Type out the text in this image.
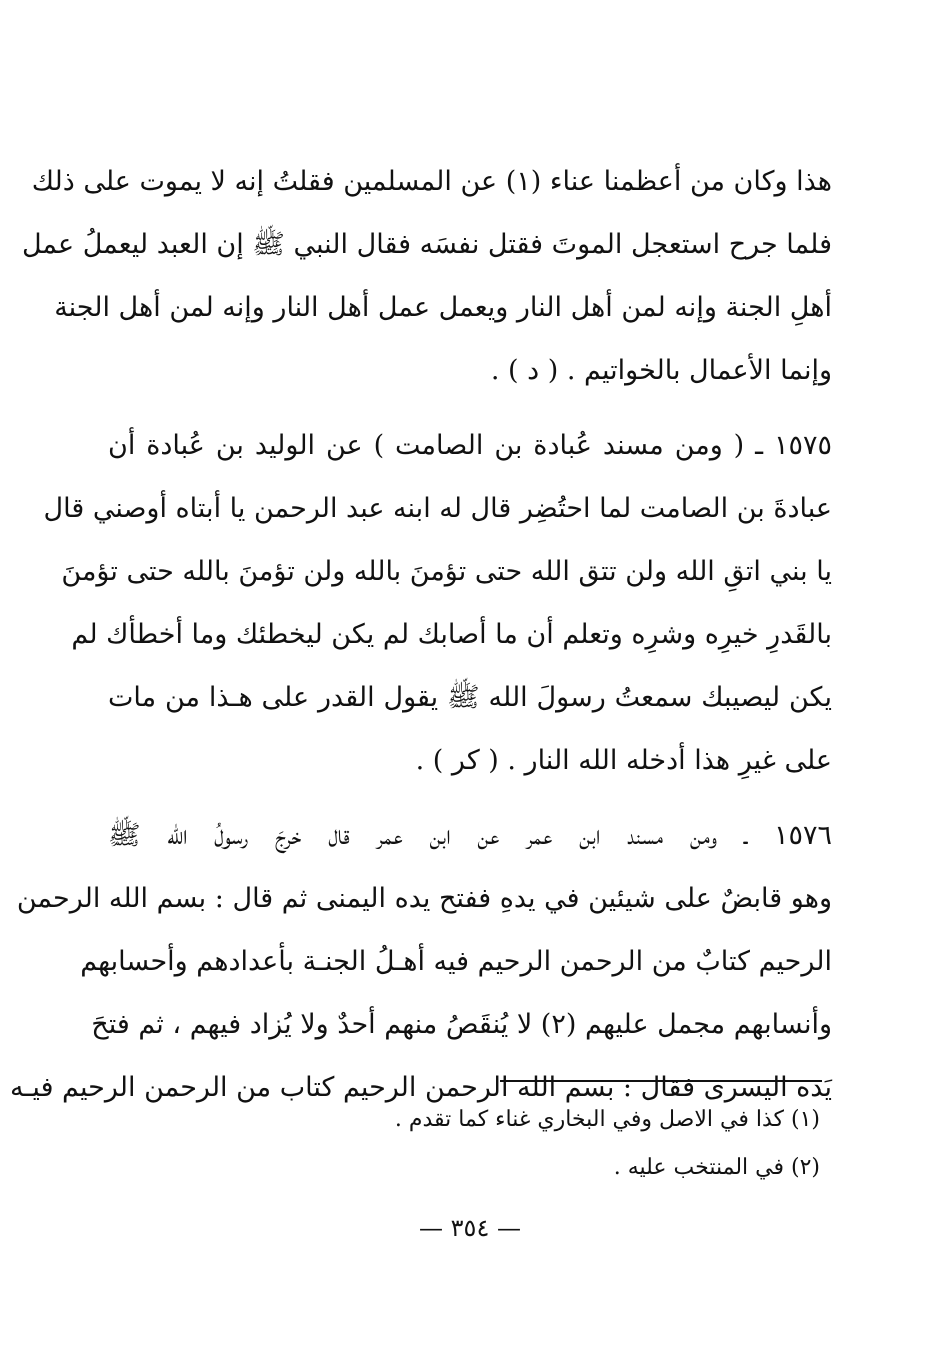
هذا وكان من أعظمنا عناء (١) عن المسلمين فقلتُ إنه لا يموت على ذلك
فلما جرح استعجل الموتَ فقتل نفسَه فقال النبي ﷺ إن العبد ليعملُ عمل
أهلِ الجنة وإنه لمن أهل النار ويعمل عمل أهل النار وإنه لمن أهل الجنة
وإنما الأعمال بالخواتيم . ( د ) .
١٥٧٥ ـ ( ومن مسند عُبادة بن الصامت ) عن الوليد بن عُبادة أن
عبادةَ بن الصامت لما احتُضِر قال له ابنه عبد الرحمن يا أبتاه أوصني قال
يا بني اتقِ الله ولن تتق الله حتى تؤمنَ بالله ولن تؤمنَ بالله حتى تؤمنَ
بالقَدرِ خيرِه وشرِه وتعلم أن ما أصابك لم يكن ليخطئك وما أخطأك لم
يكن ليصيبك سمعتُ رسولَ الله ﷺ يقول القدر على هـذا من مات
على غيرِ هذا أدخله الله النار . ( كر ) .
١٥٧٦ ـ ومن مسند ابن عمر عن ابن عمر قال خرجَ رسولُ الله ﷺ
وهو قابضٌ على شيئين في يدهِ ففتح يده اليمنى ثم قال : بسم الله الرحمن
الرحيم كتابٌ من الرحمن الرحيم فيه أهـلُ الجنـة بأعدادهم وأحسابهم
وأنسابهم مجمل عليهم (٢) لا يُنقَصُ منهم أحدٌ ولا يُزاد فيهم ، ثم فتحَ
يَده اليسرى فقال : بسم الله الرحمن الرحيم كتاب من الرحمن الرحيم فيـه
(١) كذا في الاصل وفي البخاري غناء كما تقدم .
(٢) في المنتخب عليه .
— ٣٥٤ —
